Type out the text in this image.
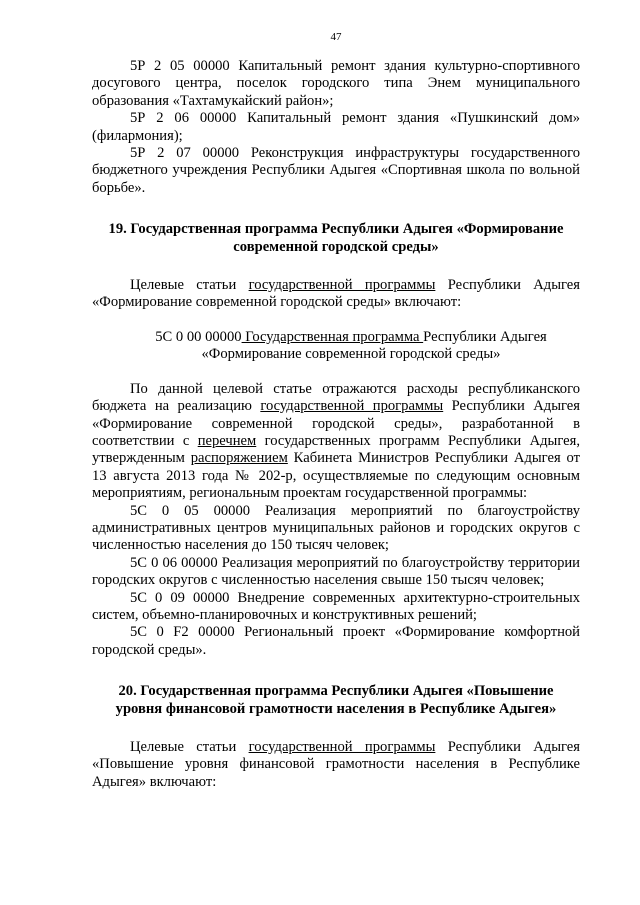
47

5Р 2 05 00000 Капитальный ремонт здания культурно-спортивного досугового центра, поселок городского типа Энем муниципального образования «Тахтамукайский район»;

5Р 2 06 00000 Капитальный ремонт здания «Пушкинский дом» (филармония);

5Р 2 07 00000 Реконструкция инфраструктуры государственного бюджетного учреждения Республики Адыгея «Спортивная школа по вольной борьбе».

19. Государственная программа Республики Адыгея «Формирование
современной городской среды»

Целевые статьи государственной программы Республики Адыгея «Формирование современной городской среды» включают:

5С 0 00 00000 Государственная программа Республики Адыгея
«Формирование современной городской среды»

По данной целевой статье отражаются расходы республиканского бюджета на реализацию государственной программы Республики Адыгея «Формирование современной городской среды», разработанной в соответствии с перечнем государственных программ Республики Адыгея, утвержденным распоряжением Кабинета Министров Республики Адыгея от 13 августа 2013 года № 202-р, осуществляемые по следующим основным мероприятиям, региональным проектам государственной программы:

5С 0 05 00000 Реализация мероприятий по благоустройству административных центров муниципальных районов и городских округов с численностью населения до 150 тысяч человек;

5С 0 06 00000 Реализация мероприятий по благоустройству территории городских округов с численностью населения свыше 150 тысяч человек;

5С 0 09 00000 Внедрение современных архитектурно-строительных систем, объемно-планировочных и конструктивных решений;

5С 0 F2 00000 Региональный проект «Формирование комфортной городской среды».

20. Государственная программа Республики Адыгея «Повышение
уровня финансовой грамотности населения в Республике Адыгея»

Целевые статьи государственной программы Республики Адыгея «Повышение уровня финансовой грамотности населения в Республике Адыгея» включают:
